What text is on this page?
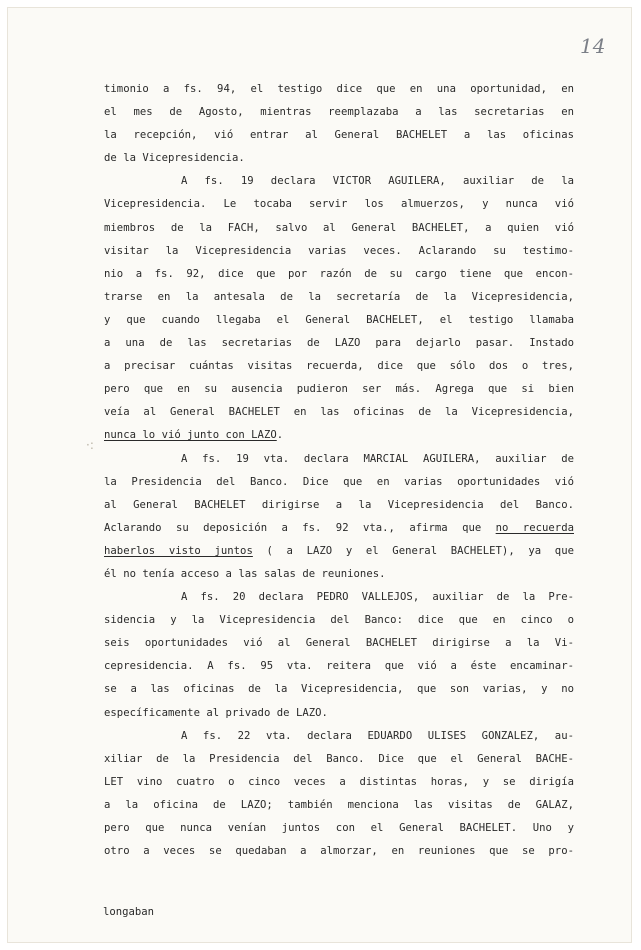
14
·:
timonio a fs. 94, el testigo dice que en una oportunidad, en
el mes de Agosto, mientras reemplazaba a las secretarias en
la recepción, vió entrar al General BACHELET a las oficinas
de la Vicepresidencia.
A fs. 19 declara VICTOR AGUILERA, auxiliar de la
Vicepresidencia. Le tocaba servir los almuerzos, y nunca vió
miembros de la FACH, salvo al General BACHELET, a quien vió
visitar la Vicepresidencia varias veces. Aclarando su testimo-
nio a fs. 92, dice que por razón de su cargo tiene que encon-
trarse en la antesala de la secretaría de la Vicepresidencia,
y que cuando llegaba el General BACHELET, el testigo llamaba
a una de las secretarias de LAZO para dejarlo pasar. Instado
a precisar cuántas visitas recuerda, dice que sólo dos o tres,
pero que en su ausencia pudieron ser más. Agrega que si bien
veía al General BACHELET en las oficinas de la Vicepresidencia,
nunca lo vió junto con LAZO.
A fs. 19 vta. declara MARCIAL AGUILERA, auxiliar de
la Presidencia del Banco. Dice que en varias oportunidades vió
al General BACHELET dirigirse a la Vicepresidencia del Banco.
Aclarando su deposición a fs. 92 vta., afirma que no recuerda
haberlos visto juntos ( a LAZO y el General BACHELET), ya que
él no tenía acceso a las salas de reuniones.
A fs. 20 declara PEDRO VALLEJOS, auxiliar de la Pre-
sidencia y la Vicepresidencia del Banco: dice que en cinco o
seis oportunidades vió al General BACHELET dirigirse a la Vi-
cepresidencia. A fs. 95 vta. reitera que vió a éste encaminar-
se a las oficinas de la Vicepresidencia, que son varias, y no
específicamente al privado de LAZO.
A fs. 22 vta. declara EDUARDO ULISES GONZALEZ, au-
xiliar de la Presidencia del Banco. Dice que el General BACHE-
LET vino cuatro o cinco veces a distintas horas, y se dirigía
a la oficina de LAZO; también menciona las visitas de GALAZ,
pero que nunca venían juntos con el General BACHELET. Uno y
otro a veces se quedaban a almorzar, en reuniones que se pro-
longaban
